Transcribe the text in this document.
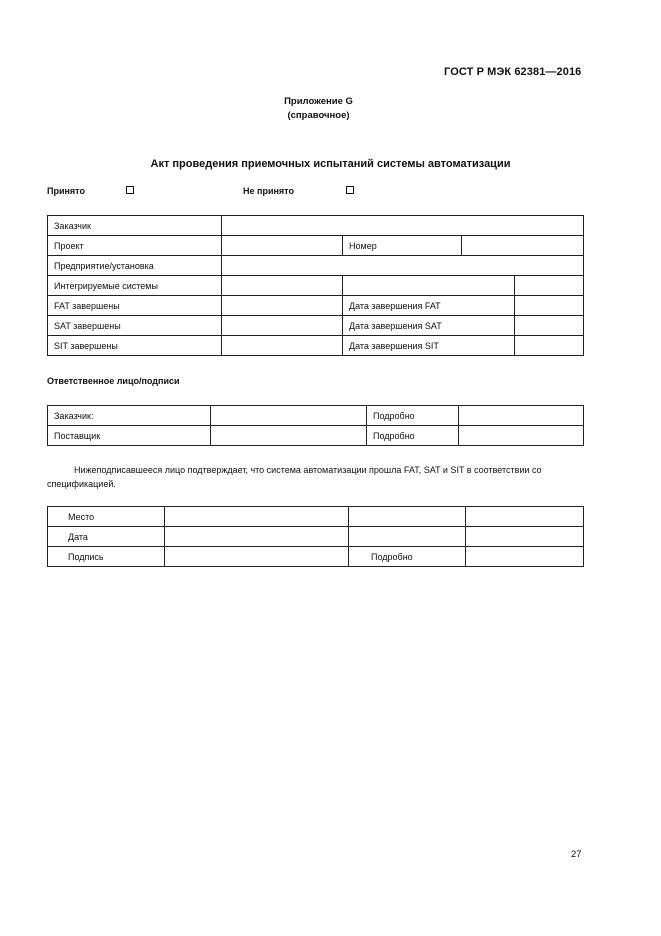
ГОСТ Р МЭК 62381—2016
Приложение G
(справочное)
Акт проведения приемочных испытаний системы автоматизации
Принято	Не принято
Заказчик				
Проект		Номер		
Предприятие/установка				
Интегрируемые системы				
FAT завершены		Дата завершения FAT		
SAT завершены		Дата завершения SAT		
SIT завершены		Дата завершения SIT		
Ответственное лицо/подписи
Заказчик:		Подробно	
Поставщик		Подробно	
Нижеподписавшееся лицо подтверждает, что система автоматизации прошла FAT, SAT и SIT в соответствии со спецификацией.
Место			
Дата			
Подпись		Подробно	
27
